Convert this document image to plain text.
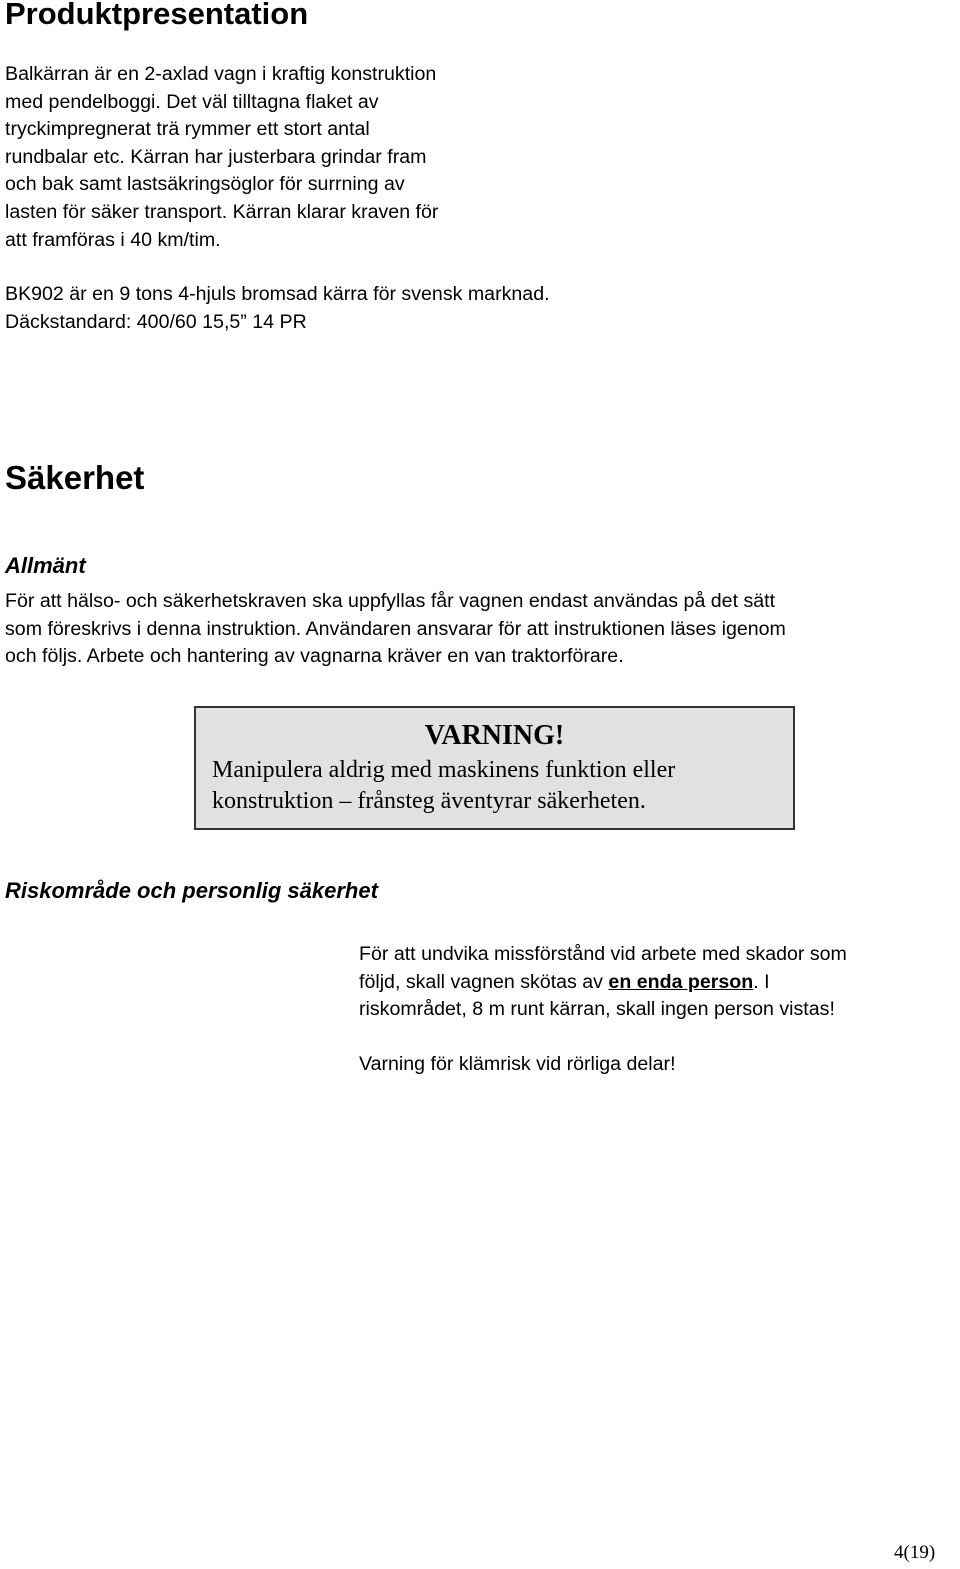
Produktpresentation

Balkärran är en 2-axlad vagn i kraftig konstruktion
med pendelboggi. Det väl tilltagna flaket av
tryckimpregnerat trä rymmer ett stort antal
rundbalar etc. Kärran har justerbara grindar fram
och bak samt lastsäkringsöglor för surrning av
lasten för säker transport. Kärran klarar kraven för
att framföras i 40 km/tim.

BK902 är en 9 tons 4-hjuls bromsad kärra för svensk marknad.
Däckstandard: 400/60 15,5” 14 PR

Säkerhet
Allmänt

För att hälso- och säkerhetskraven ska uppfyllas får vagnen endast användas på det sätt
som föreskrivs i denna instruktion. Användaren ansvarar för att instruktionen läses igenom
och följs. Arbete och hantering av vagnarna kräver en van traktorförare.

VARNING!
Manipulera aldrig med maskinens funktion eller
konstruktion – frånsteg äventyrar säkerheten.
Riskområde och personlig säkerhet

För att undvika missförstånd vid arbete med skador som
följd, skall vagnen skötas av en enda person. I
riskområdet, 8 m runt kärran, skall ingen person vistas!

Varning för klämrisk vid rörliga delar!

4(19)
